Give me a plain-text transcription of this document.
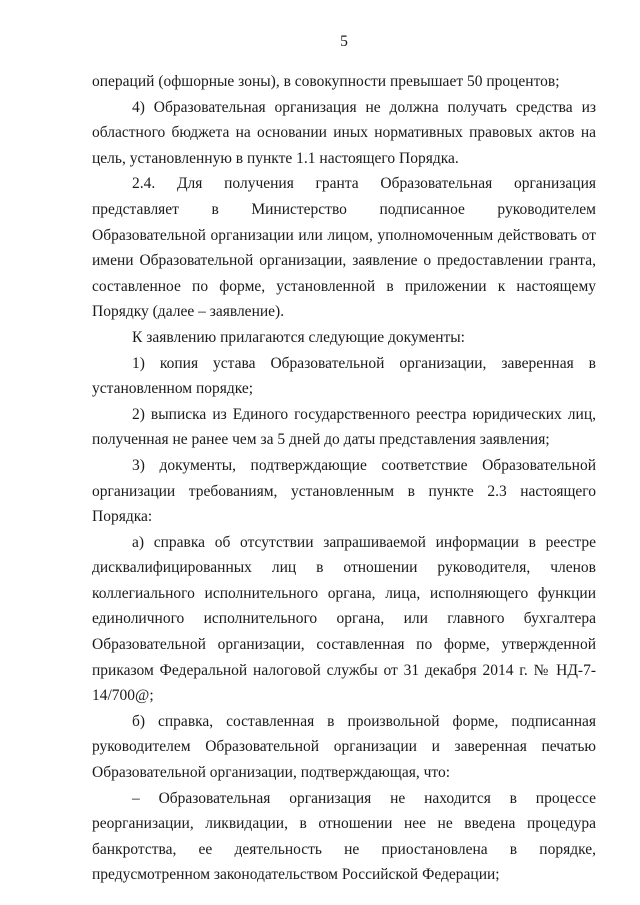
5

операций (офшорные зоны), в совокупности превышает 50 процентов;

4) Образовательная организация не должна получать средства из областного бюджета на основании иных нормативных правовых актов на цель, установленную в пункте 1.1 настоящего Порядка.

2.4. Для получения гранта Образовательная организация представляет в Министерство подписанное руководителем Образовательной организации или лицом, уполномоченным действовать от имени Образовательной организации, заявление о предоставлении гранта, составленное по форме, установленной в приложении к настоящему Порядку (далее – заявление).

К заявлению прилагаются следующие документы:

1) копия устава Образовательной организации, заверенная в установленном порядке;

2) выписка из Единого государственного реестра юридических лиц, полученная не ранее чем за 5 дней до даты представления заявления;

3) документы, подтверждающие соответствие Образовательной организации требованиям, установленным в пункте 2.3 настоящего Порядка:

а) справка об отсутствии запрашиваемой информации в реестре дисквалифицированных лиц в отношении руководителя, членов коллегиального исполнительного органа, лица, исполняющего функции единоличного исполнительного органа, или главного бухгалтера Образовательной организации, составленная по форме, утвержденной приказом Федеральной налоговой службы от 31 декабря 2014 г. № НД-7-14/700@;

б) справка, составленная в произвольной форме, подписанная руководителем Образовательной организации и заверенная печатью Образовательной организации, подтверждающая, что:

– Образовательная организация не находится в процессе реорганизации, ликвидации, в отношении нее не введена процедура банкротства, ее деятельность не приостановлена в порядке, предусмотренном законодательством Российской Федерации;
